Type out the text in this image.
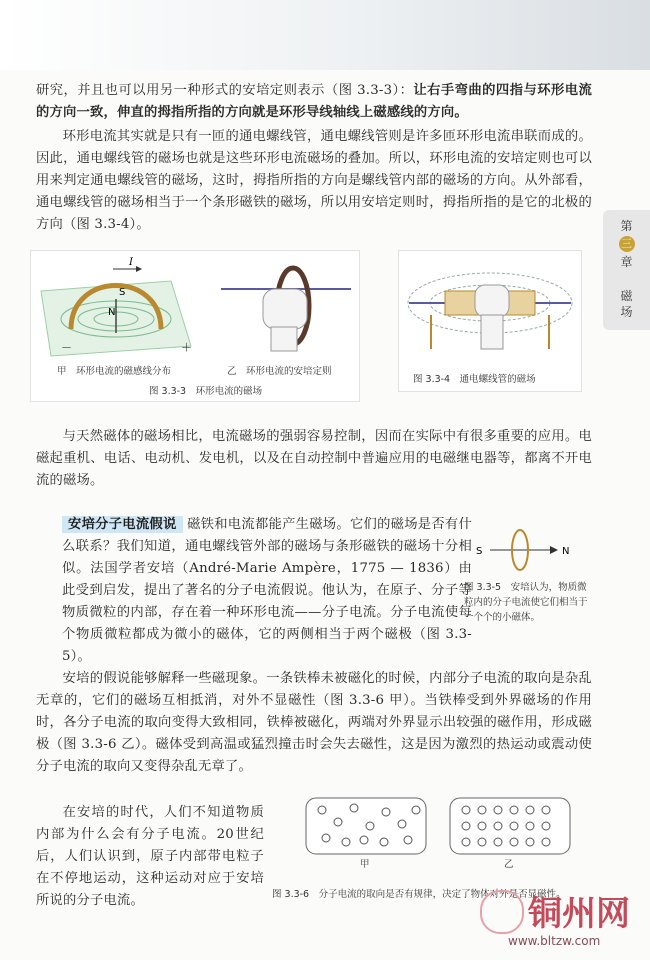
第
三
章
磁
场

研究，并且也可以用另一种形式的安培定则表示（图 3.3-3）：让右手弯曲的四指与环形电流的方向一致，伸直的拇指所指的方向就是环形导线轴线上磁感线的方向。

环形电流其实就是只有一匝的通电螺线管，通电螺线管则是许多匝环形电流串联而成的。因此，通电螺线管的磁场也就是这些环形电流磁场的叠加。所以，环形电流的安培定则也可以用来判定通电螺线管的磁场，这时，拇指所指的方向是螺线管内部的磁场的方向。从外部看，通电螺线管的磁场相当于一个条形磁铁的磁场，所以用安培定则时，拇指所指的是它的北极的方向（图 3.3-4）。

S
N
I
－	＋
甲　环形电流的磁感线分布	乙　环形电流的安培定则
图 3.3-3　环形电流的磁场
图 3.3-4　通电螺线管的磁场

与天然磁体的磁场相比，电流磁场的强弱容易控制，因而在实际中有很多重要的应用。电磁起重机、电话、电动机、发电机，以及在自动控制中普遍应用的电磁继电器等，都离不开电流的磁场。

安培分子电流假说 磁铁和电流都能产生磁场。它们的磁场是否有什么联系？我们知道，通电螺线管外部的磁场与条形磁铁的磁场十分相似。法国学者安培（André-Marie Ampère，1775 — 1836）由此受到启发，提出了著名的分子电流假说。他认为，在原子、分子等物质微粒的内部，存在着一种环形电流——分子电流。分子电流使每个物质微粒都成为微小的磁体，它的两侧相当于两个磁极（图 3.3-5）。

S	N
图 3.3-5　安培认为，物质微粒内的分子电流使它们相当于一个个的小磁体。

安培的假说能够解释一些磁现象。一条铁棒未被磁化的时候，内部分子电流的取向是杂乱无章的，它们的磁场互相抵消，对外不显磁性（图 3.3-6 甲）。当铁棒受到外界磁场的作用时，各分子电流的取向变得大致相同，铁棒被磁化，两端对外界显示出较强的磁作用，形成磁极（图 3.3-6 乙）。磁体受到高温或猛烈撞击时会失去磁性，这是因为激烈的热运动或震动使分子电流的取向又变得杂乱无章了。

在安培的时代，人们不知道物质内部为什么会有分子电流。20世纪后，人们认识到，原子内部带电粒子在不停地运动，这种运动对应于安培所说的分子电流。

甲	乙
图 3.3-6　分子电流的取向是否有规律，决定了物体对外是否显磁性。
铜州网
www.bltzw.com
